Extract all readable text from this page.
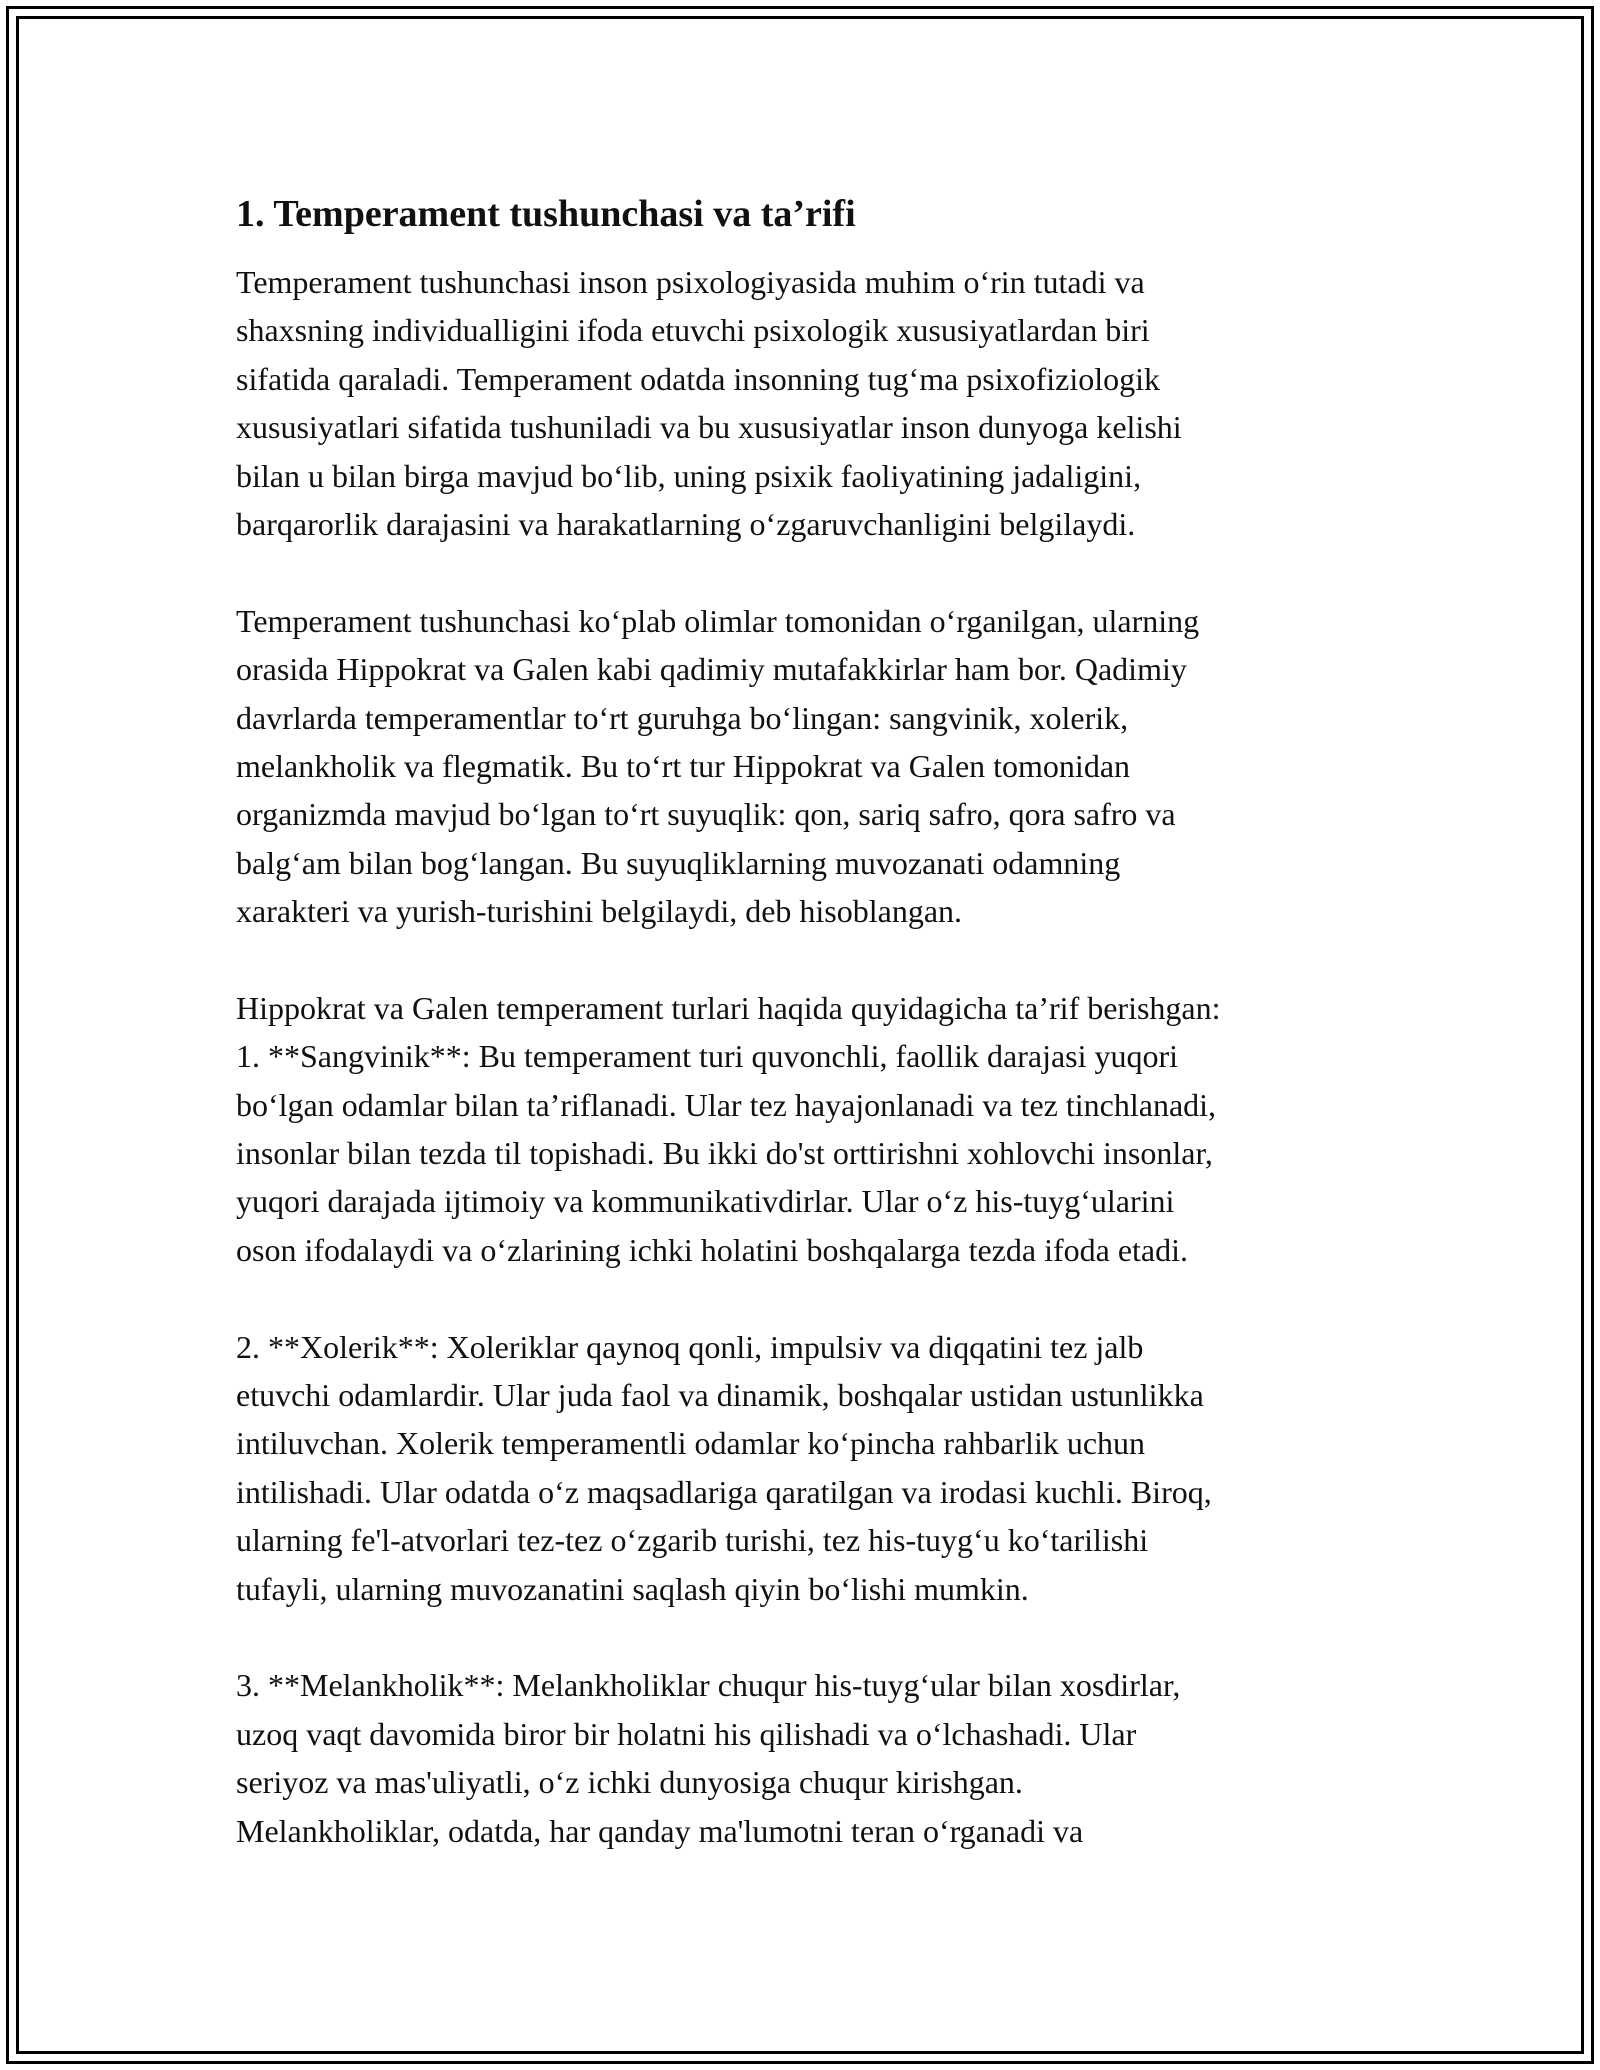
1. Temperament tushunchasi va ta’rifi
Temperament tushunchasi inson psixologiyasida muhim o‘rin tutadi va
shaxsning individualligini ifoda etuvchi psixologik xususiyatlardan biri
sifatida qaraladi. Temperament odatda insonning tug‘ma psixofiziologik
xususiyatlari sifatida tushuniladi va bu xususiyatlar inson dunyoga kelishi
bilan u bilan birga mavjud bo‘lib, uning psixik faoliyatining jadaligini,
barqarorlik darajasini va harakatlarning o‘zgaruvchanligini belgilaydi.
Temperament tushunchasi ko‘plab olimlar tomonidan o‘rganilgan, ularning
orasida Hippokrat va Galen kabi qadimiy mutafakkirlar ham bor. Qadimiy
davrlarda temperamentlar to‘rt guruhga bo‘lingan: sangvinik, xolerik,
melankholik va flegmatik. Bu to‘rt tur Hippokrat va Galen tomonidan
organizmda mavjud bo‘lgan to‘rt suyuqlik: qon, sariq safro, qora safro va
balg‘am bilan bog‘langan. Bu suyuqliklarning muvozanati odamning
xarakteri va yurish-turishini belgilaydi, deb hisoblangan.
Hippokrat va Galen temperament turlari haqida quyidagicha ta’rif berishgan:
1. **Sangvinik**: Bu temperament turi quvonchli, faollik darajasi yuqori
bo‘lgan odamlar bilan ta’riflanadi. Ular tez hayajonlanadi va tez tinchlanadi,
insonlar bilan tezda til topishadi. Bu ikki do'st orttirishni xohlovchi insonlar,
yuqori darajada ijtimoiy va kommunikativdirlar. Ular o‘z his-tuyg‘ularini
oson ifodalaydi va o‘zlarining ichki holatini boshqalarga tezda ifoda etadi.
2. **Xolerik**: Xoleriklar qaynoq qonli, impulsiv va diqqatini tez jalb
etuvchi odamlardir. Ular juda faol va dinamik, boshqalar ustidan ustunlikka
intiluvchan. Xolerik temperamentli odamlar ko‘pincha rahbarlik uchun
intilishadi. Ular odatda o‘z maqsadlariga qaratilgan va irodasi kuchli. Biroq,
ularning fe'l-atvorlari tez-tez o‘zgarib turishi, tez his-tuyg‘u ko‘tarilishi
tufayli, ularning muvozanatini saqlash qiyin bo‘lishi mumkin.
3. **Melankholik**: Melankholiklar chuqur his-tuyg‘ular bilan xosdirlar,
uzoq vaqt davomida biror bir holatni his qilishadi va o‘lchashadi. Ular
seriyoz va mas'uliyatli, o‘z ichki dunyosiga chuqur kirishgan.
Melankholiklar, odatda, har qanday ma'lumotni teran o‘rganadi va
